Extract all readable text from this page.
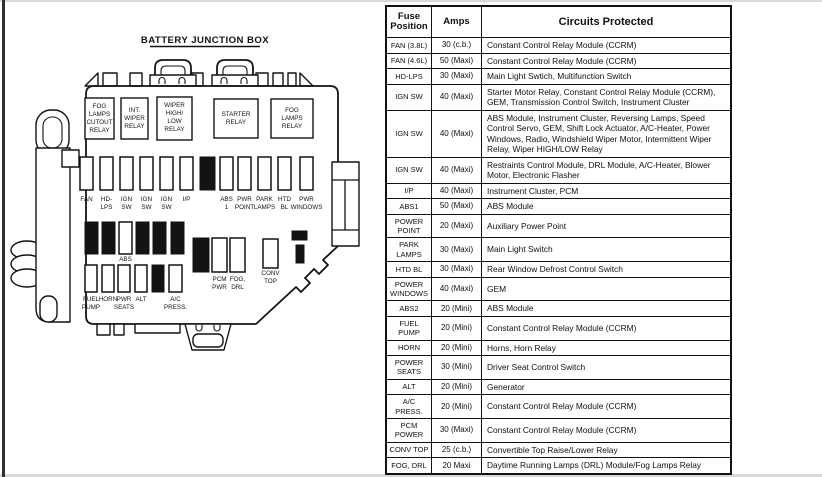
BATTERY JUNCTION BOX
FOG LAMPS CUTOUT RELAY
INT. WIPER RELAY
WIPER HIGH/ LOW RELAY
STARTER RELAY
FOG LAMPS RELAY
FAN HD-LPS
IGN SW
IGN SW
IGN SW
I/P	ABS 1
PWR POINT
PARK LAMPS
HTD BL
PWR WINDOWS
ABS
PCM PWR
FOG, DRL
CONV TOP
FUEL PUMP
HORN PWR SEATS
ALT	A/C PRESS.
Fuse Position	Amps	Circuits Protected
FAN (3.8L)	30 (c.b.)	Constant Control Relay Module (CCRM)
FAN (4.6L)	50 (Maxi)	Constant Control Relay Module (CCRM)
HD-LPS	30 (Maxi)	Main Light Swtich, Multifunction Switch
IGN SW	40 (Maxi)	Starter Motor Relay, Constant Control Relay Module (CCRM), GEM, Transmission Control Switch, Instrument Cluster
IGN SW	40 (Maxi)	ABS Module, Instrument Cluster, Reversing Lamps, Speed Control Servo, GEM, Shift Lock Actuator, A/C-Heater, Power Windows, Radio, Windshield Wiper Motor, Intermittent Wiper Relay, Wiper HIGH/LOW Relay
IGN SW	40 (Maxi)	Restraints Control Module, DRL Module, A/C-Heater, Blower Motor, Electronic Flasher
I/P	40 (Maxi)	Instrument Cluster, PCM
ABS1	50 (Maxi)	ABS Module
POWER POINT	20 (Maxi)	Auxiliary Power Point
PARK LAMPS	30 (Maxi)	Main Light Switch
HTD BL	30 (Maxi)	Rear Window Defrost Control Switch
POWER WINDOWS	40 (Maxi)	GEM
ABS2	20 (Mini)	ABS Module
FUEL PUMP	20 (Mini)	Constant Control Relay Module (CCRM)
HORN	20 (Mini)	Horns, Horn Relay
POWER SEATS	30 (Mini)	Driver Seat Control Switch
ALT	20 (Mini)	Generator
A/C PRESS.	20 (Mini)	Constant Control Relay Module (CCRM)
PCM POWER	30 (Maxi)	Constant Control Relay Module (CCRM)
CONV TOP	25 (c.b.)	Convertible Top Raise/Lower Relay
FOG, DRL	20 Maxi	Daytime Running Lamps (DRL) Module/Fog Lamps Relay
